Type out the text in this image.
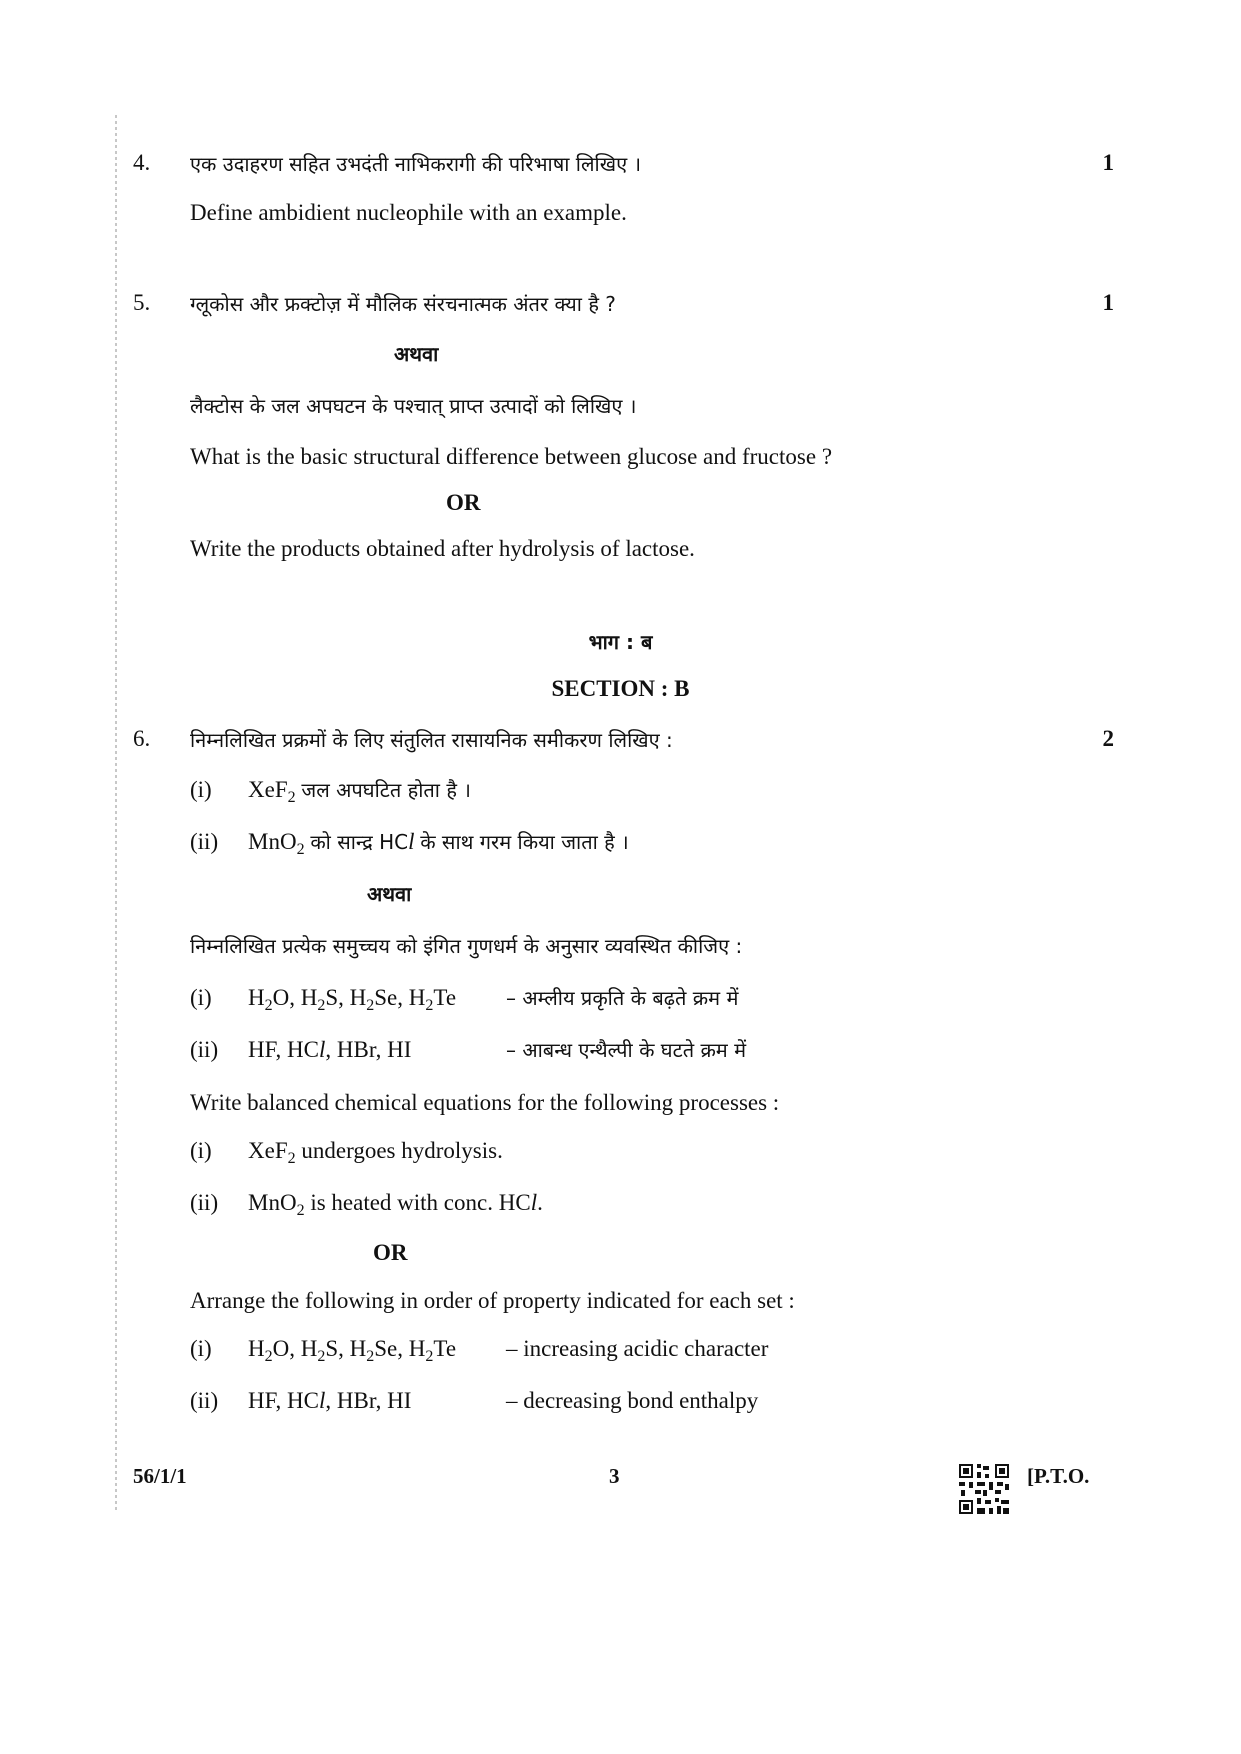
4. एक उदाहरण सहित उभदंती नाभिकरागी की परिभाषा लिखिए ।	1
Define ambidient nucleophile with an example.
5. ग्लूकोस और फ्रक्टोज़ में मौलिक संरचनात्मक अंतर क्या है ?	1
अथवा
लैक्टोस के जल अपघटन के पश्चात् प्राप्त उत्पादों को लिखिए ।
What is the basic structural difference between glucose and fructose ?
OR
Write the products obtained after hydrolysis of lactose.
भाग : ब
SECTION : B
6. निम्नलिखित प्रक्रमों के लिए संतुलित रासायनिक समीकरण लिखिए :	2
(i) XeF$_2$ जल अपघटित होता है ।
(ii) MnO$_2$ को सान्द्र HCl के साथ गरम किया जाता है ।
अथवा
निम्नलिखित प्रत्येक समुच्चय को इंगित गुणधर्म के अनुसार व्यवस्थित कीजिए :
(i) $H_2O$, $H_2S$, $H_2Se$, $H_2Te$ – अम्लीय प्रकृति के बढ़ते क्रम में
(ii) HF, HCl, HBr, HI	– आबन्ध एन्थैल्पी के घटते क्रम में
Write balanced chemical equations for the following processes :
(i) XeF$_2$ undergoes hydrolysis.
(ii) MnO$_2$ is heated with conc. HCl.
OR
Arrange the following in order of property indicated for each set :
(i) $H_2O$, $H_2S$, $H_2Se$, $H_2Te$ – increasing acidic character
(ii) HF, HCl, HBr, HI	– decreasing bond enthalpy
56/1/1	3	[P.T.O.
